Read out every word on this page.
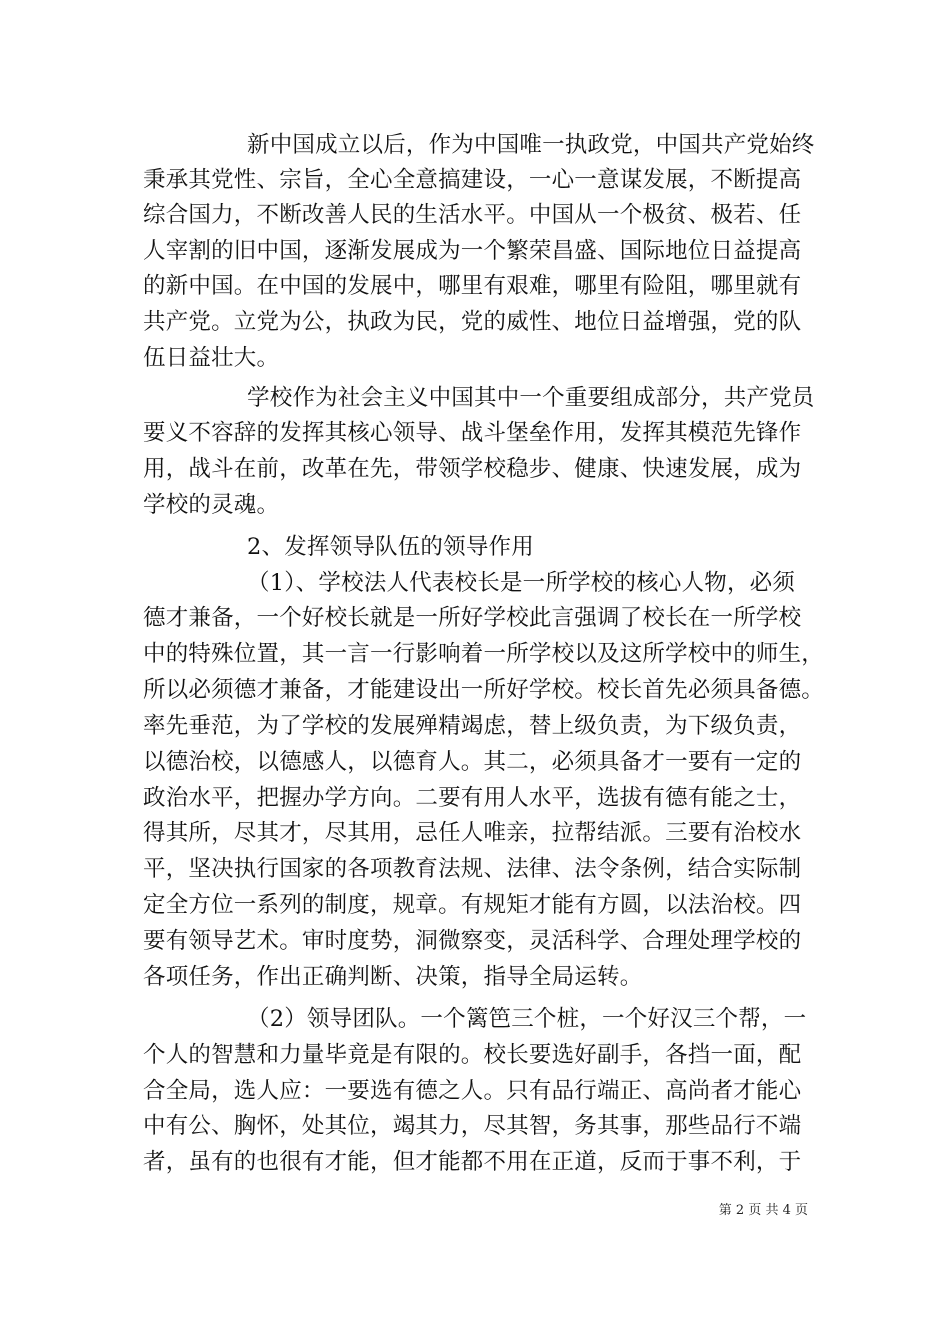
新中国成立以后，作为中国唯一执政党，中国共产党始终
秉承其党性、宗旨，全心全意搞建设，一心一意谋发展，不断提高
综合国力，不断改善人民的生活水平。中国从一个极贫、极若、任
人宰割的旧中国，逐渐发展成为一个繁荣昌盛、国际地位日益提高
的新中国。在中国的发展中，哪里有艰难，哪里有险阻，哪里就有
共产党。立党为公，执政为民，党的威性、地位日益增强，党的队
伍日益壮大。
学校作为社会主义中国其中一个重要组成部分，共产党员
要义不容辞的发挥其核心领导、战斗堡垒作用，发挥其模范先锋作
用，战斗在前，改革在先，带领学校稳步、健康、快速发展，成为
学校的灵魂。
2、发挥领导队伍的领导作用
（1）、学校法人代表校长是一所学校的核心人物，必须
德才兼备，一个好校长就是一所好学校此言强调了校长在一所学校
中的特殊位置，其一言一行影响着一所学校以及这所学校中的师生，
所以必须德才兼备，才能建设出一所好学校。校长首先必须具备德。
率先垂范，为了学校的发展殚精竭虑，替上级负责，为下级负责，
以德治校，以德感人，以德育人。其二，必须具备才一要有一定的
政治水平，把握办学方向。二要有用人水平，选拔有德有能之士，
得其所，尽其才，尽其用，忌任人唯亲，拉帮结派。三要有治校水
平，坚决执行国家的各项教育法规、法律、法令条例，结合实际制
定全方位一系列的制度，规章。有规矩才能有方圆，以法治校。四
要有领导艺术。审时度势，洞微察变，灵活科学、合理处理学校的
各项任务，作出正确判断、决策，指导全局运转。
（2）领导团队。一个篱笆三个桩，一个好汉三个帮，一
个人的智慧和力量毕竟是有限的。校长要选好副手，各挡一面，配
合全局，选人应：一要选有德之人。只有品行端正、高尚者才能心
中有公、胸怀，处其位，竭其力，尽其智，务其事，那些品行不端
者，虽有的也很有才能，但才能都不用在正道，反而于事不利，于
第 2 页 共 4 页
